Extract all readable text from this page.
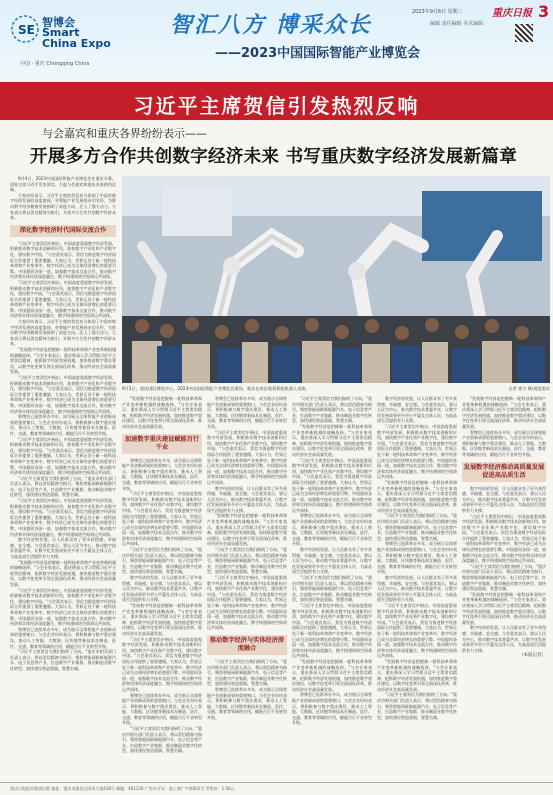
SE
智博会
Smart China Expo
中国 · 重庆 Chongqing China
智汇八方 博采众长
——2023中国国际智能产业博览会
2023年9月6日 星期三	重庆日报 3
编辑 责任编辑 美术编辑
习近平主席贺信引发热烈反响
与会嘉宾和重庆各界纷纷表示——
开展多方合作共创数字经济未来 书写重庆数字经济发展新篇章

9月4日，2023中国国际智能产业博览会在重庆开幕。国家主席习近平发来贺信，引起与会嘉宾和重庆各界热烈反响。

大家纷纷表示，习近平主席的贺信充分体现了中国对数字经济发展的高度重视，对智能产业发展的亲切关怀，为推动数字经济健康发展指明了前进方向，注入了强大动力。大家表示将以贺信精神为指引，开展多方合作共创数字经济未来。

深化数字经济时代国际交流合作

"习近平主席贺信中指出，中国高度重视数字经济发展，积极推动数字技术创新和应用，加快数字产业化和产业数字化，建设数字中国。"与会嘉宾表示，贺信为推进数字经济国际合作提供了重要遵循。大家认为，世界正处于新一轮科技革命和产业变革中，数字经济已成为全球经济增长的重要引擎。中国愿同各国一道，加强数字技术交流合作，推动数字经济和实体经济深度融合，携手构建网络空间命运共同体。

"习近平主席贺信中指出，中国高度重视数字经济发展，积极推动数字技术创新和应用，加快数字产业化和产业数字化，建设数字中国。"与会嘉宾表示，贺信为推进数字经济国际合作提供了重要遵循。大家认为，世界正处于新一轮科技革命和产业变革中，数字经济已成为全球经济增长的重要引擎。中国愿同各国一道，加强数字技术交流合作，推动数字经济和实体经济深度融合，携手构建网络空间命运共同体。

大家纷纷表示，习近平主席的贺信充分体现了中国对数字经济发展的高度重视，对智能产业发展的亲切关怀，为推动数字经济健康发展指明了前进方向，注入了强大动力。大家表示将以贺信精神为指引，开展多方合作共创数字经济未来。

"发展数字经济是把握新一轮科技革命和产业变革新机遇的战略选择。"与会专家表示，重庆将深入学习贯彻习近平主席贺信精神，抢抓数字经济发展机遇，加快推进数字重庆建设，以数字化变革引领全面深化改革，推动经济社会高质量发展。

"习近平主席贺信中指出，中国高度重视数字经济发展，积极推动数字技术创新和应用，加快数字产业化和产业数字化，建设数字中国。"与会嘉宾表示，贺信为推进数字经济国际合作提供了重要遵循。大家认为，世界正处于新一轮科技革命和产业变革中，数字经济已成为全球经济增长的重要引擎。中国愿同各国一道，加强数字技术交流合作，推动数字经济和实体经济深度融合，携手构建网络空间命运共同体。

智博会已连续举办多年，成为展示全球智能产业创新成果的重要窗口。与会企业纷纷表示，将积极参与数字重庆建设，推动人工智能、大数据、区块链等新技术在制造、医疗、交通、教育等领域的应用，赋能百行千业转型升级。

"习近平主席贺信中指出，中国高度重视数字经济发展，积极推动数字技术创新和应用，加快数字产业化和产业数字化，建设数字中国。"与会嘉宾表示，贺信为推进数字经济国际合作提供了重要遵循。大家认为，世界正处于新一轮科技革命和产业变革中，数字经济已成为全球经济增长的重要引擎。中国愿同各国一道，加强数字技术交流合作，推动数字经济和实体经济深度融合，携手构建网络空间命运共同体。

"习近平主席贺信为我们指明了方向。"重庆市相关部门负责人表示，将以贺信精神为指引，聚焦智能网联新能源汽车、电子信息等产业，打造数字产业集群，推动制造业数字化转型，加快建设智造重镇、智慧名城。

"习近平主席贺信中指出，中国高度重视数字经济发展，积极推动数字技术创新和应用，加快数字产业化和产业数字化，建设数字中国。"与会嘉宾表示，贺信为推进数字经济国际合作提供了重要遵循。大家认为，世界正处于新一轮科技革命和产业变革中，数字经济已成为全球经济增长的重要引擎。中国愿同各国一道，加强数字技术交流合作，推动数字经济和实体经济深度融合，携手构建网络空间命运共同体。

数字经济的发展，让人民群众有了更多获得感、幸福感、安全感。与会嘉宾表示，要以人民为中心，推动数字技术普惠共享，让数字化发展成果更多更公平惠及全体人民，为高品质生活提供有力支撑。

"发展数字经济是把握新一轮科技革命和产业变革新机遇的战略选择。"与会专家表示，重庆将深入学习贯彻习近平主席贺信精神，抢抓数字经济发展机遇，加快推进数字重庆建设，以数字化变革引领全面深化改革，推动经济社会高质量发展。

"习近平主席贺信中指出，中国高度重视数字经济发展，积极推动数字技术创新和应用，加快数字产业化和产业数字化，建设数字中国。"与会嘉宾表示，贺信为推进数字经济国际合作提供了重要遵循。大家认为，世界正处于新一轮科技革命和产业变革中，数字经济已成为全球经济增长的重要引擎。中国愿同各国一道，加强数字技术交流合作，推动数字经济和实体经济深度融合，携手构建网络空间命运共同体。

智博会已连续举办多年，成为展示全球智能产业创新成果的重要窗口。与会企业纷纷表示，将积极参与数字重庆建设，推动人工智能、大数据、区块链等新技术在制造、医疗、交通、教育等领域的应用，赋能百行千业转型升级。

"习近平主席贺信为我们指明了方向。"重庆市相关部门负责人表示，将以贺信精神为指引，聚焦智能网联新能源汽车、电子信息等产业，打造数字产业集群，推动制造业数字化转型，加快建设智造重镇、智慧名城。

9月5日，重庆国际博览中心，2023中国国际智能产业博览会现场，观众在展区观看智能机器人表演。	记者 崔力 摄/视觉重庆

"发展数字经济是把握新一轮科技革命和产业变革新机遇的战略选择。"与会专家表示，重庆将深入学习贯彻习近平主席贺信精神，抢抓数字经济发展机遇，加快推进数字重庆建设，以数字化变革引领全面深化改革，推动经济社会高质量发展。

加速数字重庆建设赋能百行千业

智博会已连续举办多年，成为展示全球智能产业创新成果的重要窗口。与会企业纷纷表示，将积极参与数字重庆建设，推动人工智能、大数据、区块链等新技术在制造、医疗、交通、教育等领域的应用，赋能百行千业转型升级。

"习近平主席贺信中指出，中国高度重视数字经济发展，积极推动数字技术创新和应用，加快数字产业化和产业数字化，建设数字中国。"与会嘉宾表示，贺信为推进数字经济国际合作提供了重要遵循。大家认为，世界正处于新一轮科技革命和产业变革中，数字经济已成为全球经济增长的重要引擎。中国愿同各国一道，加强数字技术交流合作，推动数字经济和实体经济深度融合，携手构建网络空间命运共同体。

"习近平主席贺信为我们指明了方向。"重庆市相关部门负责人表示，将以贺信精神为指引，聚焦智能网联新能源汽车、电子信息等产业，打造数字产业集群，推动制造业数字化转型，加快建设智造重镇、智慧名城。

数字经济的发展，让人民群众有了更多获得感、幸福感、安全感。与会嘉宾表示，要以人民为中心，推动数字技术普惠共享，让数字化发展成果更多更公平惠及全体人民，为高品质生活提供有力支撑。

"发展数字经济是把握新一轮科技革命和产业变革新机遇的战略选择。"与会专家表示，重庆将深入学习贯彻习近平主席贺信精神，抢抓数字经济发展机遇，加快推进数字重庆建设，以数字化变革引领全面深化改革，推动经济社会高质量发展。

"习近平主席贺信中指出，中国高度重视数字经济发展，积极推动数字技术创新和应用，加快数字产业化和产业数字化，建设数字中国。"与会嘉宾表示，贺信为推进数字经济国际合作提供了重要遵循。大家认为，世界正处于新一轮科技革命和产业变革中，数字经济已成为全球经济增长的重要引擎。中国愿同各国一道，加强数字技术交流合作，推动数字经济和实体经济深度融合，携手构建网络空间命运共同体。

智博会已连续举办多年，成为展示全球智能产业创新成果的重要窗口。与会企业纷纷表示，将积极参与数字重庆建设，推动人工智能、大数据、区块链等新技术在制造、医疗、交通、教育等领域的应用，赋能百行千业转型升级。

"习近平主席贺信为我们指明了方向。"重庆市相关部门负责人表示，将以贺信精神为指引，聚焦智能网联新能源汽车、电子信息等产业，打造数字产业集群，推动制造业数字化转型，加快建设智造重镇、智慧名城。

智博会已连续举办多年，成为展示全球智能产业创新成果的重要窗口。与会企业纷纷表示，将积极参与数字重庆建设，推动人工智能、大数据、区块链等新技术在制造、医疗、交通、教育等领域的应用，赋能百行千业转型升级。

"习近平主席贺信中指出，中国高度重视数字经济发展，积极推动数字技术创新和应用，加快数字产业化和产业数字化，建设数字中国。"与会嘉宾表示，贺信为推进数字经济国际合作提供了重要遵循。大家认为，世界正处于新一轮科技革命和产业变革中，数字经济已成为全球经济增长的重要引擎。中国愿同各国一道，加强数字技术交流合作，推动数字经济和实体经济深度融合，携手构建网络空间命运共同体。

数字经济的发展，让人民群众有了更多获得感、幸福感、安全感。与会嘉宾表示，要以人民为中心，推动数字技术普惠共享，让数字化发展成果更多更公平惠及全体人民，为高品质生活提供有力支撑。

"发展数字经济是把握新一轮科技革命和产业变革新机遇的战略选择。"与会专家表示，重庆将深入学习贯彻习近平主席贺信精神，抢抓数字经济发展机遇，加快推进数字重庆建设，以数字化变革引领全面深化改革，推动经济社会高质量发展。

"习近平主席贺信为我们指明了方向。"重庆市相关部门负责人表示，将以贺信精神为指引，聚焦智能网联新能源汽车、电子信息等产业，打造数字产业集群，推动制造业数字化转型，加快建设智造重镇、智慧名城。

"习近平主席贺信中指出，中国高度重视数字经济发展，积极推动数字技术创新和应用，加快数字产业化和产业数字化，建设数字中国。"与会嘉宾表示，贺信为推进数字经济国际合作提供了重要遵循。大家认为，世界正处于新一轮科技革命和产业变革中，数字经济已成为全球经济增长的重要引擎。中国愿同各国一道，加强数字技术交流合作，推动数字经济和实体经济深度融合，携手构建网络空间命运共同体。

推动数字经济与实体经济深度融合

"习近平主席贺信为我们指明了方向。"重庆市相关部门负责人表示，将以贺信精神为指引，聚焦智能网联新能源汽车、电子信息等产业，打造数字产业集群，推动制造业数字化转型，加快建设智造重镇、智慧名城。

智博会已连续举办多年，成为展示全球智能产业创新成果的重要窗口。与会企业纷纷表示，将积极参与数字重庆建设，推动人工智能、大数据、区块链等新技术在制造、医疗、交通、教育等领域的应用，赋能百行千业转型升级。

"习近平主席贺信为我们指明了方向。"重庆市相关部门负责人表示，将以贺信精神为指引，聚焦智能网联新能源汽车、电子信息等产业，打造数字产业集群，推动制造业数字化转型，加快建设智造重镇、智慧名城。

"发展数字经济是把握新一轮科技革命和产业变革新机遇的战略选择。"与会专家表示，重庆将深入学习贯彻习近平主席贺信精神，抢抓数字经济发展机遇，加快推进数字重庆建设，以数字化变革引领全面深化改革，推动经济社会高质量发展。

"习近平主席贺信中指出，中国高度重视数字经济发展，积极推动数字技术创新和应用，加快数字产业化和产业数字化，建设数字中国。"与会嘉宾表示，贺信为推进数字经济国际合作提供了重要遵循。大家认为，世界正处于新一轮科技革命和产业变革中，数字经济已成为全球经济增长的重要引擎。中国愿同各国一道，加强数字技术交流合作，推动数字经济和实体经济深度融合，携手构建网络空间命运共同体。

智博会已连续举办多年，成为展示全球智能产业创新成果的重要窗口。与会企业纷纷表示，将积极参与数字重庆建设，推动人工智能、大数据、区块链等新技术在制造、医疗、交通、教育等领域的应用，赋能百行千业转型升级。

数字经济的发展，让人民群众有了更多获得感、幸福感、安全感。与会嘉宾表示，要以人民为中心，推动数字技术普惠共享，让数字化发展成果更多更公平惠及全体人民，为高品质生活提供有力支撑。

"习近平主席贺信为我们指明了方向。"重庆市相关部门负责人表示，将以贺信精神为指引，聚焦智能网联新能源汽车、电子信息等产业，打造数字产业集群，推动制造业数字化转型，加快建设智造重镇、智慧名城。

"习近平主席贺信中指出，中国高度重视数字经济发展，积极推动数字技术创新和应用，加快数字产业化和产业数字化，建设数字中国。"与会嘉宾表示，贺信为推进数字经济国际合作提供了重要遵循。大家认为，世界正处于新一轮科技革命和产业变革中，数字经济已成为全球经济增长的重要引擎。中国愿同各国一道，加强数字技术交流合作，推动数字经济和实体经济深度融合，携手构建网络空间命运共同体。

"发展数字经济是把握新一轮科技革命和产业变革新机遇的战略选择。"与会专家表示，重庆将深入学习贯彻习近平主席贺信精神，抢抓数字经济发展机遇，加快推进数字重庆建设，以数字化变革引领全面深化改革，推动经济社会高质量发展。

智博会已连续举办多年，成为展示全球智能产业创新成果的重要窗口。与会企业纷纷表示，将积极参与数字重庆建设，推动人工智能、大数据、区块链等新技术在制造、医疗、交通、教育等领域的应用，赋能百行千业转型升级。

数字经济的发展，让人民群众有了更多获得感、幸福感、安全感。与会嘉宾表示，要以人民为中心，推动数字技术普惠共享，让数字化发展成果更多更公平惠及全体人民，为高品质生活提供有力支撑。

"习近平主席贺信中指出，中国高度重视数字经济发展，积极推动数字技术创新和应用，加快数字产业化和产业数字化，建设数字中国。"与会嘉宾表示，贺信为推进数字经济国际合作提供了重要遵循。大家认为，世界正处于新一轮科技革命和产业变革中，数字经济已成为全球经济增长的重要引擎。中国愿同各国一道，加强数字技术交流合作，推动数字经济和实体经济深度融合，携手构建网络空间命运共同体。

"发展数字经济是把握新一轮科技革命和产业变革新机遇的战略选择。"与会专家表示，重庆将深入学习贯彻习近平主席贺信精神，抢抓数字经济发展机遇，加快推进数字重庆建设，以数字化变革引领全面深化改革，推动经济社会高质量发展。

"习近平主席贺信为我们指明了方向。"重庆市相关部门负责人表示，将以贺信精神为指引，聚焦智能网联新能源汽车、电子信息等产业，打造数字产业集群，推动制造业数字化转型，加快建设智造重镇、智慧名城。

智博会已连续举办多年，成为展示全球智能产业创新成果的重要窗口。与会企业纷纷表示，将积极参与数字重庆建设，推动人工智能、大数据、区块链等新技术在制造、医疗、交通、教育等领域的应用，赋能百行千业转型升级。

数字经济的发展，让人民群众有了更多获得感、幸福感、安全感。与会嘉宾表示，要以人民为中心，推动数字技术普惠共享，让数字化发展成果更多更公平惠及全体人民，为高品质生活提供有力支撑。

"习近平主席贺信中指出，中国高度重视数字经济发展，积极推动数字技术创新和应用，加快数字产业化和产业数字化，建设数字中国。"与会嘉宾表示，贺信为推进数字经济国际合作提供了重要遵循。大家认为，世界正处于新一轮科技革命和产业变革中，数字经济已成为全球经济增长的重要引擎。中国愿同各国一道，加强数字技术交流合作，推动数字经济和实体经济深度融合，携手构建网络空间命运共同体。

"发展数字经济是把握新一轮科技革命和产业变革新机遇的战略选择。"与会专家表示，重庆将深入学习贯彻习近平主席贺信精神，抢抓数字经济发展机遇，加快推进数字重庆建设，以数字化变革引领全面深化改革，推动经济社会高质量发展。

"习近平主席贺信为我们指明了方向。"重庆市相关部门负责人表示，将以贺信精神为指引，聚焦智能网联新能源汽车、电子信息等产业，打造数字产业集群，推动制造业数字化转型，加快建设智造重镇、智慧名城。

"发展数字经济是把握新一轮科技革命和产业变革新机遇的战略选择。"与会专家表示，重庆将深入学习贯彻习近平主席贺信精神，抢抓数字经济发展机遇，加快推进数字重庆建设，以数字化变革引领全面深化改革，推动经济社会高质量发展。

智博会已连续举办多年，成为展示全球智能产业创新成果的重要窗口。与会企业纷纷表示，将积极参与数字重庆建设，推动人工智能、大数据、区块链等新技术在制造、医疗、交通、教育等领域的应用，赋能百行千业转型升级。

发展数字经济推动高质量发展促进高品质生活

数字经济的发展，让人民群众有了更多获得感、幸福感、安全感。与会嘉宾表示，要以人民为中心，推动数字技术普惠共享，让数字化发展成果更多更公平惠及全体人民，为高品质生活提供有力支撑。

"习近平主席贺信中指出，中国高度重视数字经济发展，积极推动数字技术创新和应用，加快数字产业化和产业数字化，建设数字中国。"与会嘉宾表示，贺信为推进数字经济国际合作提供了重要遵循。大家认为，世界正处于新一轮科技革命和产业变革中，数字经济已成为全球经济增长的重要引擎。中国愿同各国一道，加强数字技术交流合作，推动数字经济和实体经济深度融合，携手构建网络空间命运共同体。

"习近平主席贺信为我们指明了方向。"重庆市相关部门负责人表示，将以贺信精神为指引，聚焦智能网联新能源汽车、电子信息等产业，打造数字产业集群，推动制造业数字化转型，加快建设智造重镇、智慧名城。

"发展数字经济是把握新一轮科技革命和产业变革新机遇的战略选择。"与会专家表示，重庆将深入学习贯彻习近平主席贺信精神，抢抓数字经济发展机遇，加快推进数字重庆建设，以数字化变革引领全面深化改革，推动经济社会高质量发展。

数字经济的发展，让人民群众有了更多获得感、幸福感、安全感。与会嘉宾表示，要以人民为中心，推动数字技术普惠共享，让数字化发展成果更多更公平惠及全体人民，为高品质生活提供有力支撑。

（本报记者）
重庆日报报业集团出版 地址：重庆市渝北区同茂大道416号 邮编：401120 广告许可证：渝工商广字第001号 零售价：1.50元
